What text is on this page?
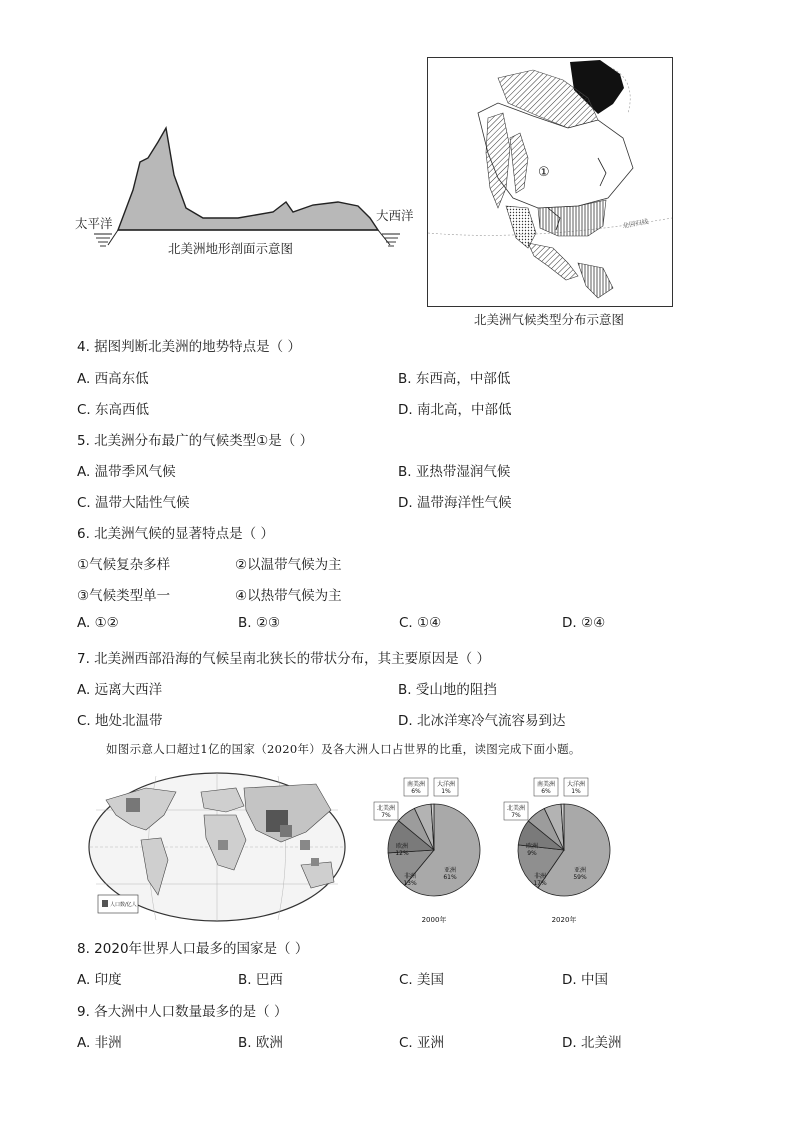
太平洋
大西洋
北美洲地形剖面示意图
①
北回归线
北美洲气候类型分布示意图
4. 据图判断北美洲的地势特点是（ ）
A. 西高东低	B. 东西高，中部低
C. 东高西低	D. 南北高，中部低
5. 北美洲分布最广的气候类型①是（ ）
A. 温带季风气候	B. 亚热带湿润气候
C. 温带大陆性气候	D. 温带海洋性气候
6. 北美洲气候的显著特点是（ ）
①气候复杂多样	②以温带气候为主
③气候类型单一	④以热带气候为主
A. ①②	B. ②③	C. ①④	D. ②④
7. 北美洲西部沿海的气候呈南北狭长的带状分布，其主要原因是（ ）
A. 远离大西洋	B. 受山地的阻挡
C. 地处北温带	D. 北冰洋寒冷气流容易到达
如图示意人口超过1亿的国家（2020年）及各大洲人口占世界的比重，读图完成下面小题。
人口数/亿人
亚洲
61%
非洲
13%
欧洲
12%
北美洲
7%
南美洲
6%
大洋洲
1%
2000年
亚洲
59%
非洲
17%
欧洲
9%
北美洲
7%
南美洲
6%
大洋洲
1%
2020年
8. 2020年世界人口最多的国家是（ ）
A. 印度	B. 巴西	C. 美国	D. 中国
9. 各大洲中人口数量最多的是（ ）
A. 非洲	B. 欧洲	C. 亚洲	D. 北美洲
